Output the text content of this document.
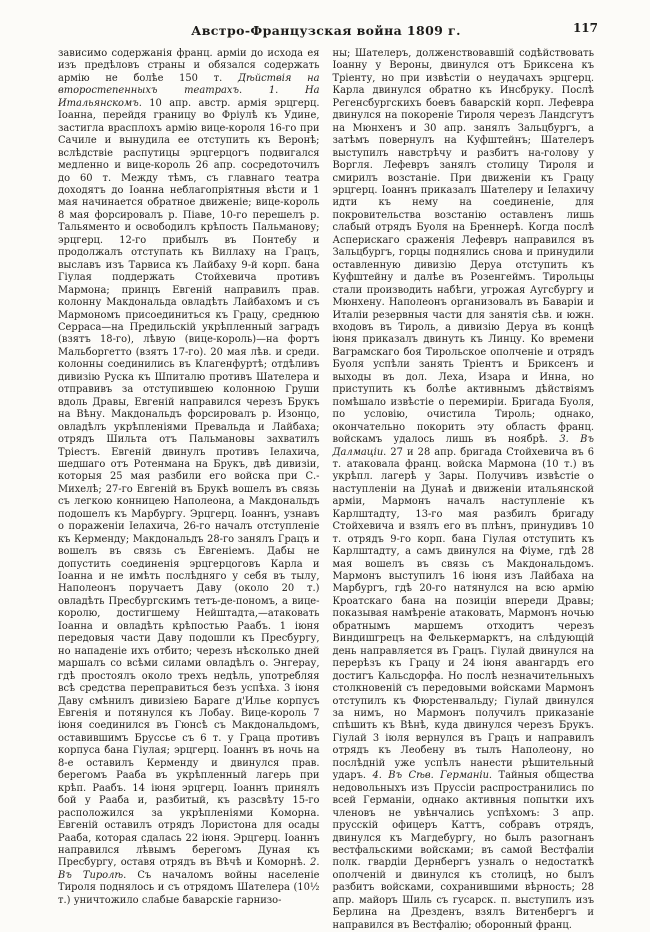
Австро-Французская война 1809 г.	117
зависимо содержанія франц. арміи до исхода ея изъ предѣловъ страны и обязался содержать армію не болѣе 150 т. Дѣйствія на второстепенныхъ театрахъ. 1. На Итальянскомъ. 10 апр. австр. армія эрцгерц. Іоанна, перейдя границу во Фріулѣ къ Удине, застигла врасплохъ армію вице-короля 16-го при Сачиле и вынудила ее отступить къ Веронѣ; вслѣдствіе распутицы эрцгерцогъ подвигался медленно и вице-король 26 апр. сосредоточилъ до 60 т. Между тѣмъ, съ главнаго театра доходятъ до Іоанна неблагопріятныя вѣсти и 1 мая начинается обратное движеніе; вице-король 8 мая форсировалъ р. Піаве, 10-го перешелъ р. Тальяменто и освободилъ крѣпость Пальманову; эрцгерц. 12-го прибылъ въ Понтебу и продолжалъ отступать къ Виллаху на Грацъ, выславъ изъ Тарвиса къ Лайбаху 9-й корп. бана Гіулая поддержать Стойхевича противъ Мармона; принцъ Евгеній направилъ прав. колонну Макдональда овладѣть Лайбахомъ и съ Мармономъ присоединиться къ Грацу, среднюю Серраса—на Предильскій укрѣпленный заградъ (взятъ 18-го), лѣвую (вице-король)—на фортъ Мальборгетто (взятъ 17-го). 20 мая лѣв. и среди. колонны соединились въ Клагенфуртѣ; отдѣливъ дивизію Руска къ Шпиталю противъ Шателера и отправивъ за отступившею колонною Груши вдоль Дравы, Евгеній направился черезъ Брукъ на Вѣну. Макдональдъ форсировалъ р. Изонцо, овладѣлъ укрѣпленіями Превальда и Лайбаха; отрядъ Шильта отъ Пальмановы захватилъ Тріестъ. Евгеній двинулъ противъ Іелахича, шедшаго отъ Ротенмана на Брукъ, двѣ дивизіи, которыя 25 мая разбили его войска при С.-Михелѣ; 27-го Евгеній въ Брукѣ вошелъ въ связь съ легкою конницею Наполеона, а Макдональдъ подошелъ къ Марбургу. Эрцгерц. Іоаннъ, узнавъ о пораженіи Іелахича, 26-го началъ отступленіе къ Керменду; Макдональдъ 28-го занялъ Грацъ и вошелъ въ связь съ Евгеніемъ. Дабы не допустить соединенія эрцгерцоговъ Карла и Іоанна и не имѣть послѣдняго у себя въ тылу, Наполеонъ поручаетъ Даву (около 20 т.) овладѣть Пресбургскимъ тетъ-де-пономъ, а вице-королю, достигшему Нейштадта,—атаковать Іоанна и овладѣть крѣпостью Раабъ. 1 іюня передовыя части Даву подошли къ Пресбургу, но нападеніе ихъ отбито; черезъ нѣсколько дней маршалъ со всѣми силами овладѣлъ о. Энгерау, гдѣ простоялъ около трехъ недѣль, употребляя всѣ средства переправиться безъ успѣха. 3 іюня Даву смѣнилъ дивизіею Бараге д'Илье корпусъ Евгенія и потянулся къ Лобау. Вице-король 7 іюня соединился въ Гюнсѣ съ Макдональдомъ, оставившимъ Бруссье съ 6 т. у Граца противъ корпуса бана Гіулая; эрцгерц. Іоаннъ въ ночь на 8-е оставилъ Керменду и двинулся прав. берегомъ Рааба въ укрѣпленный лагерь при крѣп. Раабъ. 14 іюня эрцгерц. Іоаннъ принялъ бой у Рааба и, разбитый, къ разсвѣту 15-го расположился за укрѣпленіями Коморна. Евгеній оставилъ отрядъ Лористона для осады Рааба, которая сдалась 22 іюня. Эрцгерц. Іоаннъ направился лѣвымъ берегомъ Дуная къ Пресбургу, оставя отрядъ въ Вѣчѣ и Коморнѣ. 2. Въ Тиролѣ. Съ началомъ войны населеніе Тироля поднялось и съ отрядомъ Шателера (10½ т.) уничтожило слабые баварскіе гарнизо-
ны; Шателеръ, долженствовавшій содѣйствовать Іоанну у Вероны, двинулся отъ Бриксена къ Тріенту, но при извѣстіи о неудачахъ эрцгерц. Карла двинулся обратно къ Инсбруку. Послѣ Регенсбургскихъ боевъ баварскій корп. Лефевра двинулся на покореніе Тироля черезъ Ландсгутъ на Мюнхенъ и 30 апр. занялъ Зальцбургъ, а затѣмъ повернулъ на Куфштейнъ; Шателеръ выступилъ навстрѣчу и разбитъ на-голову у Воргля. Лефевръ занялъ столицу Тироля и смирилъ возстаніе. При движеніи къ Грацу эрцгерц. Іоаннъ приказалъ Шателеру и Іелахичу идти къ нему на соединеніе, для покровительства возстанію оставленъ лишь слабый отрядъ Буоля на Бреннерѣ. Когда послѣ Асперискаго сраженія Лефевръ направился въ Зальцбургъ, горцы поднялись снова и принудили оставленную дивизію Деруа отступить къ Куфштейну и далѣе въ Розенгеймъ. Тирольцы стали производить набѣги, угрожая Аугсбургу и Мюнхену. Наполеонъ организовалъ въ Баваріи и Италіи резервныя части для занятія сѣв. и южн. входовъ въ Тироль, а дивизію Деруа въ концѣ іюня приказалъ двинуть къ Линцу. Ко времени Ваграмскаго боя Тирольское ополченіе и отрядъ Буоля успѣли занять Тріентъ и Бриксенъ и выходы въ дол. Леха, Изара и Инна, но приступить къ болѣе активнымъ дѣйствіямъ помѣшало извѣстіе о перемиріи. Бригада Буоля, по условію, очистила Тироль; однако, окончательно покорить эту область франц. войскамъ удалось лишь въ ноябрѣ. 3. Въ Далмаціи. 27 и 28 апр. бригада Стойхевича въ 6 т. атаковала франц. войска Мармона (10 т.) въ укрѣпл. лагерѣ у Зары. Получивъ извѣстіе о наступленіи на Дунаѣ и движеніи итальянской арміи, Мармонъ началъ наступленіе къ Карлштадту, 13-го мая разбилъ бригаду Стойхевича и взялъ его въ плѣнъ, принудивъ 10 т. отрядъ 9-го корп. бана Гіулая отступить къ Карлштадту, а самъ двинулся на Фіуме, гдѣ 28 мая вошелъ въ связь съ Макдональдомъ. Мармонъ выступилъ 16 іюня изъ Лайбаха на Марбургъ, гдѣ 20-го натянулся на всю армію Кроатскаго бана на позиціи впереди Дравы; показывая намѣреніе атаковать, Мармонъ ночью обратнымъ маршемъ отходитъ черезъ Виндишгрецъ на Фелькермарктъ, на слѣдующій день направляется въ Грацъ. Гіулай двинулся на перерѣзъ къ Грацу и 24 іюня авангардъ его достигъ Кальсдорфа. Но послѣ незначительныхъ столкновеній съ передовыми войсками Мармонъ отступилъ къ Фюрстенвальду; Гіулай двинулся за нимъ, но Мармонъ получилъ приказаніе спѣшить къ Вѣнѣ, куда двинулся черезъ Брукъ. Гіулай 3 іюля вернулся въ Грацъ и направилъ отрядъ къ Леобену въ тылъ Наполеону, но послѣдній уже успѣлъ нанести рѣшительный ударъ. 4. Въ Сѣв. Германіи. Тайныя общества недовольныхъ изъ Пруссіи распространились по всей Германіи, однако активныя попытки ихъ членовъ не увѣнчались успѣхомъ: 3 апр. прусскій офицеръ Каттъ, собравъ отрядъ, двинулся къ Магдебургу, но былъ разогнанъ вестфальскими войсками; въ самой Вестфаліи полк. гвардіи Дернбергъ узналъ о недостаткѣ ополченій и двинулся къ столицѣ, но былъ разбитъ войсками, сохранившими вѣрность; 28 апр. майоръ Шиль съ гусарск. п. выступилъ изъ Берлина на Дрезденъ, взялъ Витенбергъ и направился въ Вестфалію; оборонный франц.
